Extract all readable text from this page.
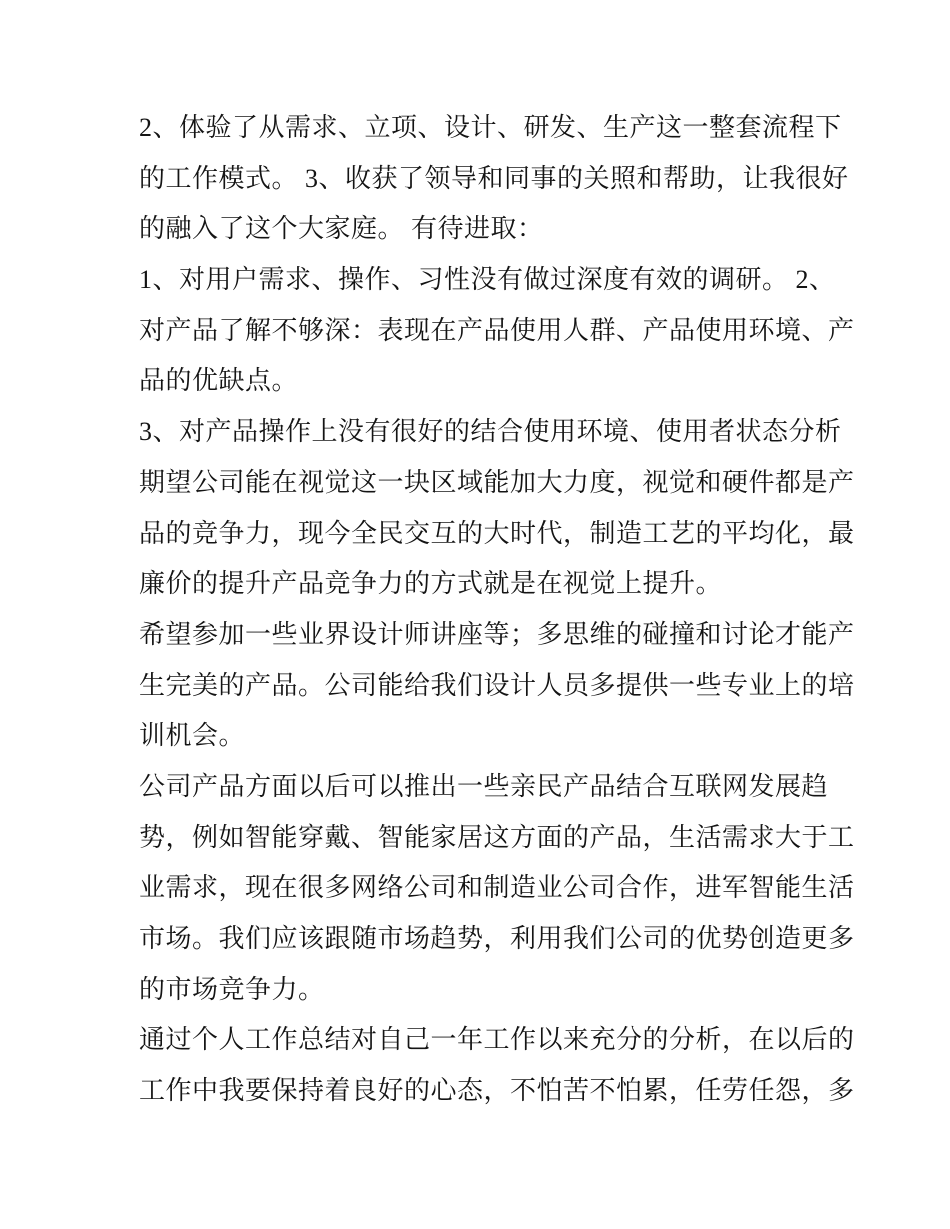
2、体验了从需求、立项、设计、研发、生产这一整套流程下
的工作模式。 3、收获了领导和同事的关照和帮助，让我很好
的融入了这个大家庭。 有待进取：
1、对用户需求、操作、习性没有做过深度有效的调研。 2、
对产品了解不够深：表现在产品使用人群、产品使用环境、产
品的优缺点。
3、对产品操作上没有很好的结合使用环境、使用者状态分析
期望公司能在视觉这一块区域能加大力度，视觉和硬件都是产
品的竞争力，现今全民交互的大时代，制造工艺的平均化，最
廉价的提升产品竞争力的方式就是在视觉上提升。
希望参加一些业界设计师讲座等；多思维的碰撞和讨论才能产
生完美的产品。公司能给我们设计人员多提供一些专业上的培
训机会。
公司产品方面以后可以推出一些亲民产品结合互联网发展趋
势，例如智能穿戴、智能家居这方面的产品，生活需求大于工
业需求，现在很多网络公司和制造业公司合作，进军智能生活
市场。我们应该跟随市场趋势，利用我们公司的优势创造更多
的市场竞争力。
通过个人工作总结对自己一年工作以来充分的分析，在以后的
工作中我要保持着良好的心态，不怕苦不怕累，任劳任怨，多
